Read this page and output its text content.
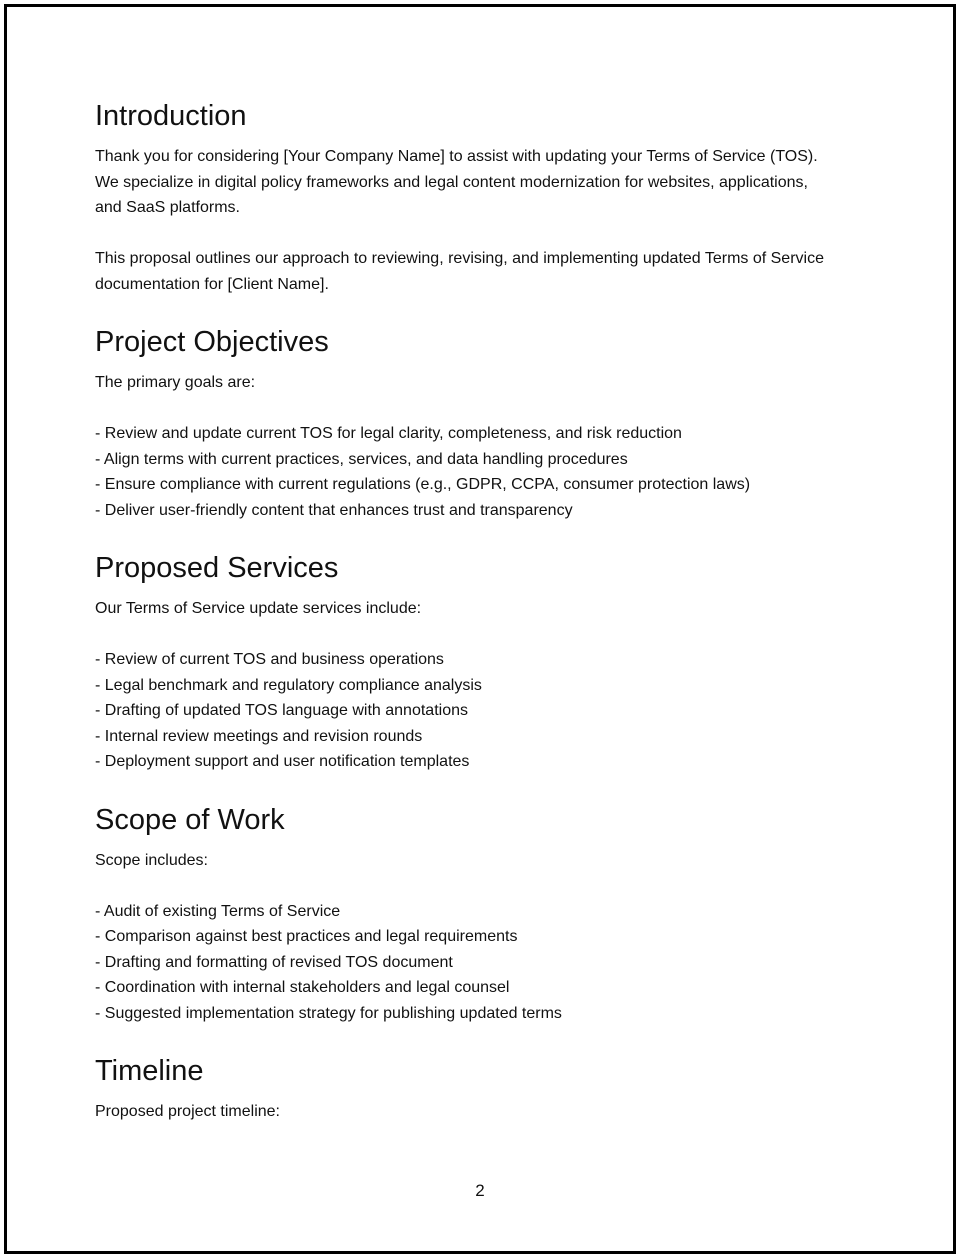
Introduction

Thank you for considering [Your Company Name] to assist with updating your Terms of Service (TOS).
We specialize in digital policy frameworks and legal content modernization for websites, applications,
and SaaS platforms.

This proposal outlines our approach to reviewing, revising, and implementing updated Terms of Service
documentation for [Client Name].

Project Objectives

The primary goals are:

- Review and update current TOS for legal clarity, completeness, and risk reduction
- Align terms with current practices, services, and data handling procedures
- Ensure compliance with current regulations (e.g., GDPR, CCPA, consumer protection laws)
- Deliver user-friendly content that enhances trust and transparency
Proposed Services

Our Terms of Service update services include:

- Review of current TOS and business operations
- Legal benchmark and regulatory compliance analysis
- Drafting of updated TOS language with annotations
- Internal review meetings and revision rounds
- Deployment support and user notification templates
Scope of Work

Scope includes:

- Audit of existing Terms of Service
- Comparison against best practices and legal requirements
- Drafting and formatting of revised TOS document
- Coordination with internal stakeholders and legal counsel
- Suggested implementation strategy for publishing updated terms
Timeline

Proposed project timeline:

2
